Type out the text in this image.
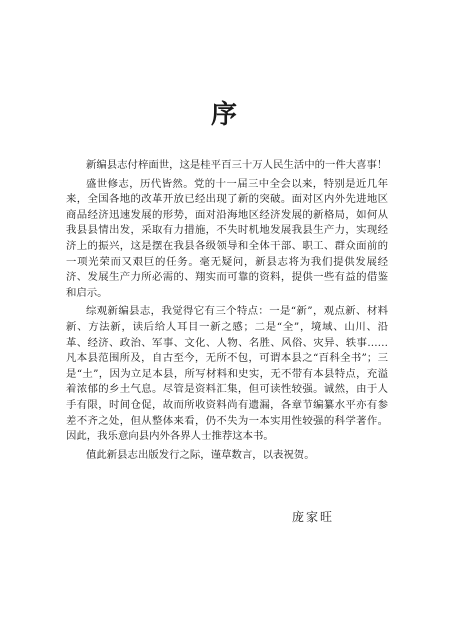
序

新编县志付梓面世，这是桂平百三十万人民生活中的一件大喜事！

盛世修志，历代皆然。党的十一届三中全会以来，特别是近几年来，全国各地的改革开放已经出现了新的突破。面对区内外先进地区商品经济迅速发展的形势，面对沿海地区经济发展的新格局，如何从我县县情出发，采取有力措施，不失时机地发展我县生产力，实现经济上的振兴，这是摆在我县各级领导和全体干部、职工、群众面前的一项光荣而又艰巨的任务。毫无疑问，新县志将为我们提供发展经济、发展生产力所必需的、翔实而可靠的资料，提供一些有益的借鉴和启示。

综观新编县志，我觉得它有三个特点：一是“新”，观点新、材料新、方法新，读后给人耳目一新之感；二是“全”，境域、山川、沿革、经济、政治、军事、文化、人物、名胜、风俗、灾异、轶事……凡本县范围所及，自古至今，无所不包，可谓本县之“百科全书”；三是“土”，因为立足本县，所写材料和史实，无不带有本县特点，充溢着浓郁的乡土气息。尽管是资料汇集，但可读性较强。诚然，由于人手有限，时间仓促，故而所收资料尚有遗漏，各章节编纂水平亦有参差不齐之处，但从整体来看，仍不失为一本实用性较强的科学著作。因此，我乐意向县内外各界人士推荐这本书。

值此新县志出版发行之际，谨草数言，以表祝贺。

庞家旺
